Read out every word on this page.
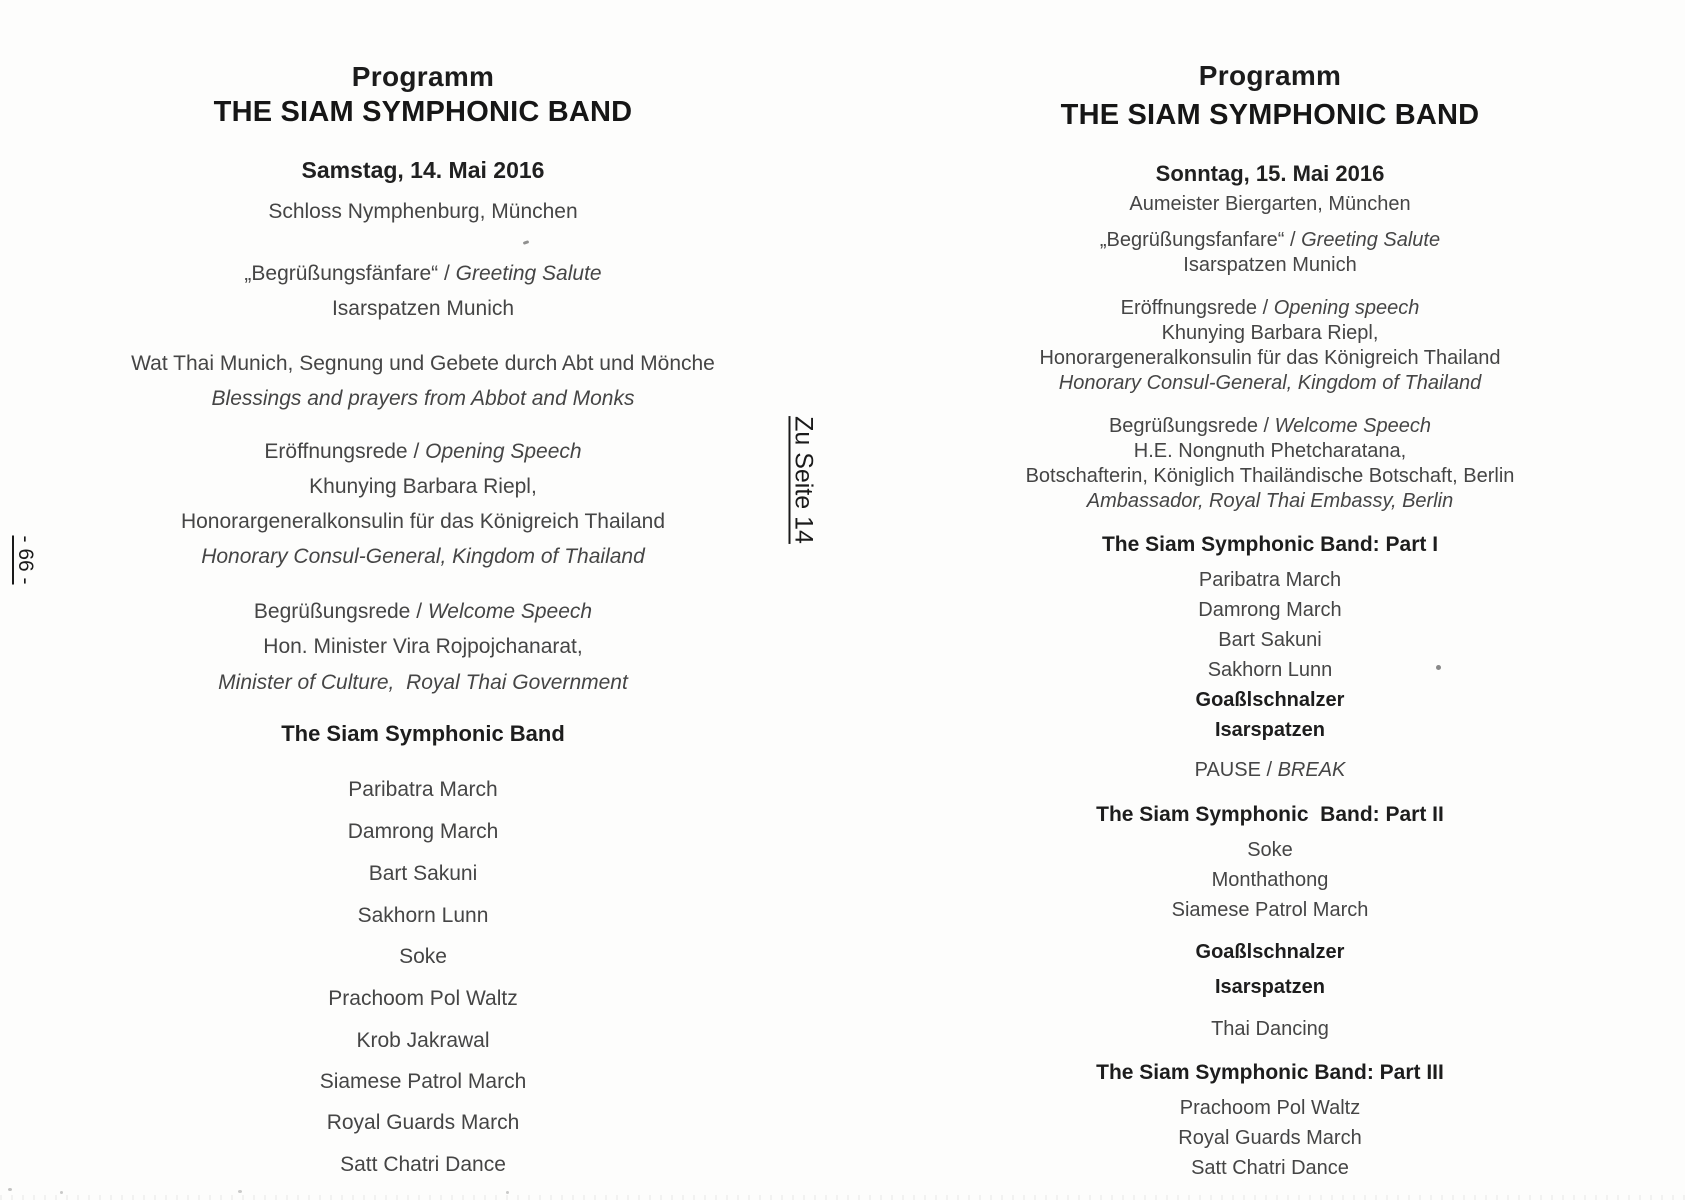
Programm
THE SIAM SYMPHONIC BAND
Samstag, 14. Mai 2016
Schloss Nymphenburg, München
„Begrüßungsfänfare“ / Greeting Salute
Isarspatzen Munich
Wat Thai Munich, Segnung und Gebete durch Abt und Mönche
Blessings and prayers from Abbot and Monks
Eröffnungsrede / Opening Speech
Khunying Barbara Riepl,
Honorargeneralkonsulin für das Königreich Thailand
Honorary Consul-General, Kingdom of Thailand
Begrüßungsrede / Welcome Speech
Hon. Minister Vira Rojpojchanarat,
Minister of Culture,  Royal Thai Government
The Siam Symphonic Band
Paribatra March
Damrong March
Bart Sakuni
Sakhorn Lunn
Soke
Prachoom Pol Waltz
Krob Jakrawal
Siamese Patrol March
Royal Guards March
Satt Chatri Dance
Programm
THE SIAM SYMPHONIC BAND
Sonntag, 15. Mai 2016
Aumeister Biergarten, München
„Begrüßungsfanfare“ / Greeting Salute
Isarspatzen Munich
Eröffnungsrede / Opening speech
Khunying Barbara Riepl,
Honorargeneralkonsulin für das Königreich Thailand
Honorary Consul-General, Kingdom of Thailand
Begrüßungsrede / Welcome Speech
H.E. Nongnuth Phetcharatana,
Botschafterin, Königlich Thailändische Botschaft, Berlin
Ambassador, Royal Thai Embassy, Berlin
The Siam Symphonic Band: Part I
Paribatra March
Damrong March
Bart Sakuni
Sakhorn Lunn
Goaßlschnalzer
Isarspatzen
PAUSE / BREAK
The Siam Symphonic  Band: Part II
Soke
Monthathong
Siamese Patrol March
Goaßlschnalzer
Isarspatzen
Thai Dancing
The Siam Symphonic Band: Part III
Prachoom Pol Waltz
Royal Guards March
Satt Chatri Dance
Zu Seite 14
- 66 -
